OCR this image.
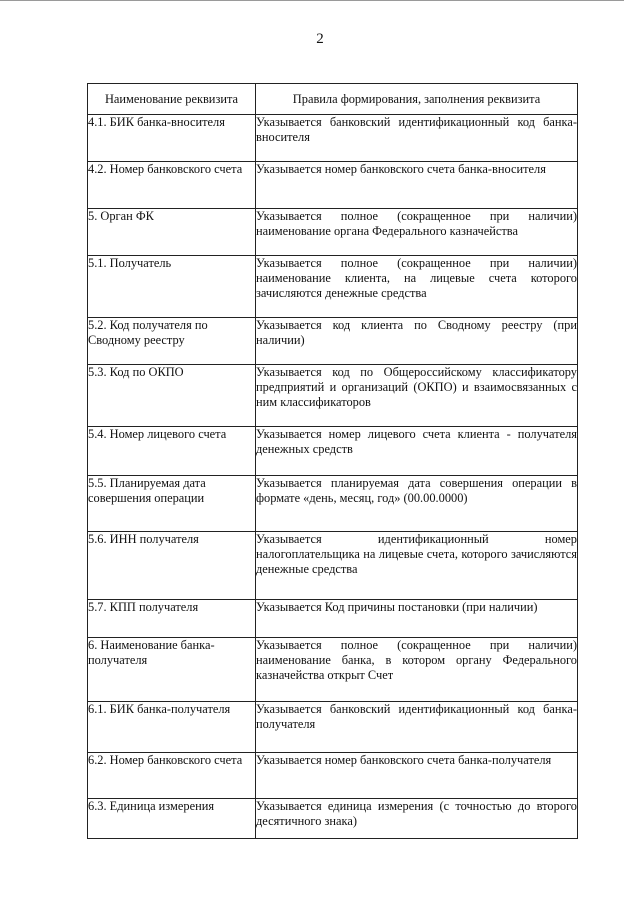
2
Наименование реквизита	Правила формирования, заполнения реквизита
4.1. БИК банка-вносителя	Указывается банковский идентификационный код банка-вносителя
4.2. Номер банковского счета	Указывается номер банковского счета банка-вносителя
5. Орган ФК	Указывается полное (сокращенное при наличии) наименование органа Федерального казначейства
5.1. Получатель	Указывается полное (сокращенное при наличии) наименование клиента, на лицевые счета которого зачисляются денежные средства
5.2. Код получателя по Сводному реестру	Указывается код клиента по Сводному реестру (при наличии)
5.3. Код по ОКПО	Указывается код по Общероссийскому классификатору предприятий и организаций (ОКПО) и взаимосвязанных с ним классификаторов
5.4. Номер лицевого счета	Указывается номер лицевого счета клиента - получателя денежных средств
5.5. Планируемая дата совершения операции	Указывается планируемая дата совершения операции в формате «день, месяц, год» (00.00.0000)
5.6. ИНН получателя	Указывается идентификационный номер налогоплательщика на лицевые счета, которого зачисляются денежные средства
5.7. КПП получателя	Указывается Код причины постановки (при наличии)
6. Наименование банка-получателя	Указывается полное (сокращенное при наличии) наименование банка, в котором органу Федерального казначейства открыт Счет
6.1. БИК банка-получателя	Указывается банковский идентификационный код банка-получателя
6.2. Номер банковского счета	Указывается номер банковского счета банка-получателя
6.3. Единица измерения	Указывается единица измерения (с точностью до второго десятичного знака)
